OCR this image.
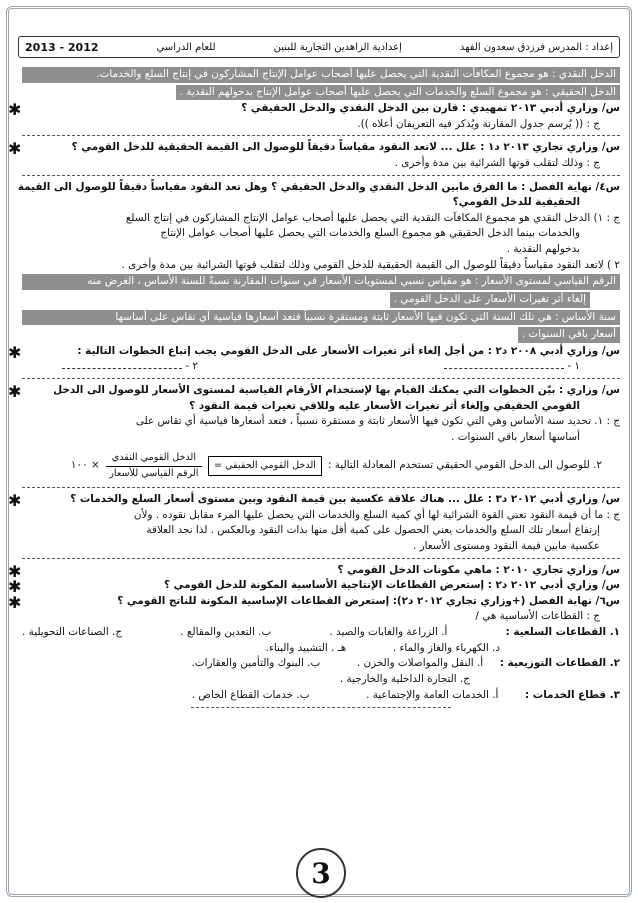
إعداد : المدرس فرزدق سعدون الفهد
إعدادية الزاهدين التجارية للبنين
للعام الدراسي
2012 - 2013
الدخل النقدي : هو مجموع المكافآت النقدية التي يحصل عليها أصحاب عوامل الإنتاج المشاركون في إنتاج السلع والخدمات.
الدخل الحقيقي : هو مجموع السلع والخدمات التي يحصل عليها أصحاب عوامل الإنتاج بدخولهم النقدية .
✱	س/ وزاري أدبي ٢٠١٣ تمهيدي : قارن بين الدخل النقدي والدخل الحقيقي ؟
ج : (( يُرسم جدول المقارنة ويُذكر فيه التعريفان أعلاه )).
✱	س/ وزاري تجاري ٢٠١٣ د١ : علل ... لاتعد النقود مقياساً دقيقاً للوصول الى القيمة الحقيقية للدخل القومي ؟
ج : وذلك لتقلب قوتها الشرائية بين مدة وأخرى .
س٤/ نهاية الفصل : ما الفرق مابين الدخل النقدي والدخل الحقيقي ؟ وهل تعد النقود مقياساً دقيقاً للوصول الى القيمة
الحقيقية للدخل القومي؟
ج : ١) الدخل النقدي هو مجموع المكافآت النقدية التي يحصل عليها أصحاب عوامل الإنتاج المشاركون في إنتاج السلع
والخدمات بينما الدخل الحقيقي هو مجموع السلع والخدمات التي يحصل عليها أصحاب عوامل الإنتاج
بدخولهم النقدية .
٢ ) لاتعد النقود مقياساً دقيقاً للوصول الى القيمة الحقيقية للدخل القومي وذلك لتقلب قوتها الشرائية بين مدة وأخرى .
الرقم القياسي لمستوى الأسعار : هو مقياس نسبي لمستويات الأسعار في سنوات المقارنة نسبةً للسنة الأساس ، الغرض منه
إلغاء أثر تغيرات الأسعار على الدخل القومي .
سنة الأساس : هي تلك السنة التي تكون فيها الأسعار ثابتة ومستقرة نسبياً فتعد أسعارها قياسية أي تقاس على أساسها
أسعار باقي السنوات .
✱	س/ وزاري أدبي ٢٠٠٨ د٢ : من أجل إلغاء أثر تغيرات الأسعار على الدخل القومي يجب إتباع الخطوات التالية :
١ -
٢ -
✱	س/ وزاري : بيّن الخطوات التي يمكنك القيام بها لإستخدام الأرقام القياسية لمستوى الأسعار للوصول الى الدخل
القومي الحقيقي وإلغاء أثر تغيرات الأسعار عليه وللاقي تغيرات قيمة النقود ؟
ج : ١. تحديد سنة الأساس وهي التي تكون فيها الأسعار ثابتة و مستقرة نسبياً ، فتعد أسعارها قياسية أي تقاس على
أساسها أسعار باقي السنوات .
٢. للوصول الى الدخل القومي الحقيقي تستخدم المعادلة التالية :
الدخل القومي الحقيقي =
$\frac{\text{الدخل القومي النقدي}}{\text{الرقم القياسي للأسعار}}$
× ١٠٠
✱	س/ وزاري أدبي ٢٠١٢ د٣ : علل ... هناك علاقة عكسية بين قيمة النقود وبين مستوى أسعار السلع والخدمات ؟
ج : ما أن قيمة النقود تعني القوة الشرائية لها أي كمية السلع والخدمات التي يحصل عليها المرء مقابل نقوده . ولأن
إرتفاع أسعار تلك السلع والخدمات يعني الحصول على كمية أقل منها بذات النقود وبالعكس . لذا نجد العلاقة
عكسية مابين قيمة النقود ومستوى الأسعار .
✱	س/ وزاري تجاري ٢٠١٠ : ماهي مكونات الدخل القومي ؟
✱	س/ وزاري أدبي ٢٠١٢ د٢ : إستعرض القطاعات الإنتاجية الأساسية المكونة للدخل القومي ؟
✱	س٦/ نهاية الفصل (+وزاري تجاري ٢٠١٢ د٢): إستعرض القطاعات الإساسية المكونة للناتج القومي ؟
ج : القطاعات الأساسية هي /
١. القطاعات السلعية :
أ. الزراعة والغابات والصيد .
ب. التعدين والمقالع .
ج. الصناعات التحويلية .
د. الكهرباء والغاز والماء .  هـ . التشييد والبناء.
٢. القطاعات التوزيعية :  أ. النقل والمواصلات والخزن .  ب. البنوك والتأمين والعقارات.
ج. التجارة الداخلية والخارجية .
٣. قطاع الخدمات :  أ. الخدمات العامة والإجتماعية .  ب. خدمات القطاع الخاص .
3
